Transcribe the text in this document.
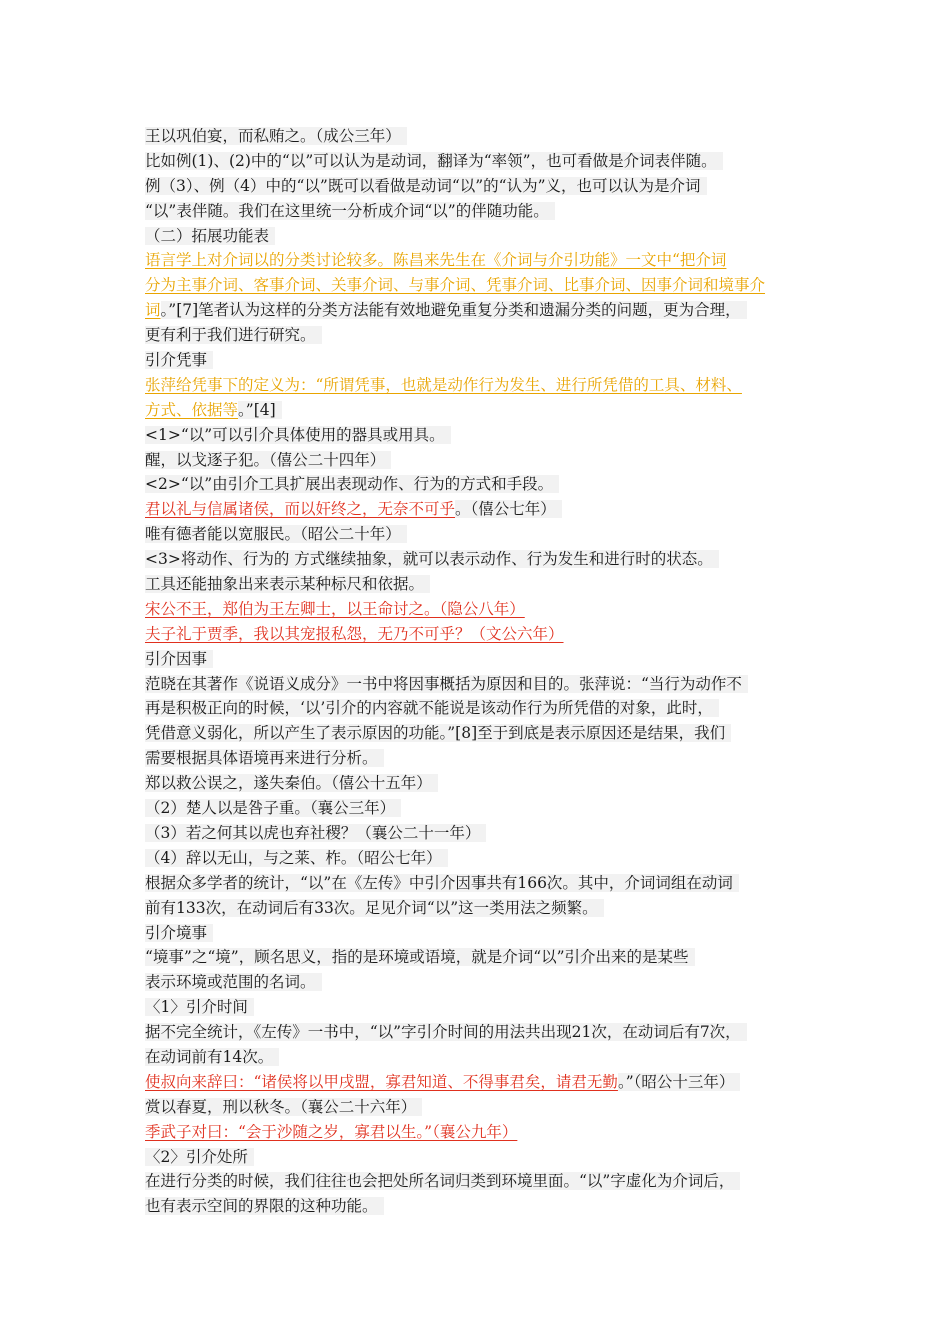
王以巩伯宴，而私贿之。（成公三年）
比如例(1)、(2)中的“以”可以认为是动词，翻译为“率领”，也可看做是介词表伴随。
例（3）、例（4）中的“以”既可以看做是动词“以”的“认为”义，也可以认为是介词
“以”表伴随。我们在这里统一分析成介词“以”的伴随功能。
（二）拓展功能表
语言学上对介词以的分类讨论较多。陈昌来先生在《介词与介引功能》一文中“把介词
分为主事介词、客事介词、关事介词、与事介词、凭事介词、比事介词、因事介词和境事介
词。”[7]笔者认为这样的分类方法能有效地避免重复分类和遗漏分类的问题，更为合理，
更有利于我们进行研究。
引介凭事
张萍给凭事下的定义为：“所谓凭事，也就是动作行为发生、进行所凭借的工具、材料、
方式、依据等。”[4]
<1>“以”可以引介具体使用的器具或用具。
醒，以戈逐子犯。（僖公二十四年）
<2>“以”由引介工具扩展出表现动作、行为的方式和手段。
君以礼与信属诸侯，而以奸终之，无奈不可乎。（僖公七年）
唯有德者能以宽服民。（昭公二十年）
<3>将动作、行为的 方式继续抽象，就可以表示动作、行为发生和进行时的状态。
工具还能抽象出来表示某种标尺和依据。
宋公不王，郑伯为王左卿士，以王命讨之。（隐公八年）
夫子礼于贾季，我以其宠报私怨，无乃不可乎？（文公六年）
引介因事
范晓在其著作《说语义成分》一书中将因事概括为原因和目的。张萍说：“当行为动作不
再是积极正向的时候，‘以’引介的内容就不能说是该动作行为所凭借的对象，此时，
凭借意义弱化，所以产生了表示原因的功能。”[8]至于到底是表示原因还是结果，我们
需要根据具体语境再来进行分析。
郑以救公误之，遂失秦伯。（僖公十五年）
（2）楚人以是咎子重。（襄公三年）
（3）若之何其以虎也弃社稷？（襄公二十一年）
（4）辞以无山，与之莱、柞。（昭公七年）
根据众多学者的统计，“以”在《左传》中引介因事共有166次。其中，介词词组在动词
前有133次，在动词后有33次。足见介词“以”这一类用法之频繁。
引介境事
“境事”之“境”，顾名思义，指的是环境或语境，就是介词“以”引介出来的是某些
表示环境或范围的名词。
〈1〉引介时间
据不完全统计，《左传》一书中，“以”字引介时间的用法共出现21次，在动词后有7次，
在动词前有14次。
使叔向来辞曰：“诸侯将以甲戌盟，寡君知道、不得事君矣，请君无勤。”（昭公十三年）
赏以春夏，刑以秋冬。（襄公二十六年）
季武子对曰：“会于沙随之岁，寡君以生。”（襄公九年）
〈2〉引介处所
在进行分类的时候，我们往往也会把处所名词归类到环境里面。“以”字虚化为介词后，
也有表示空间的界限的这种功能。
